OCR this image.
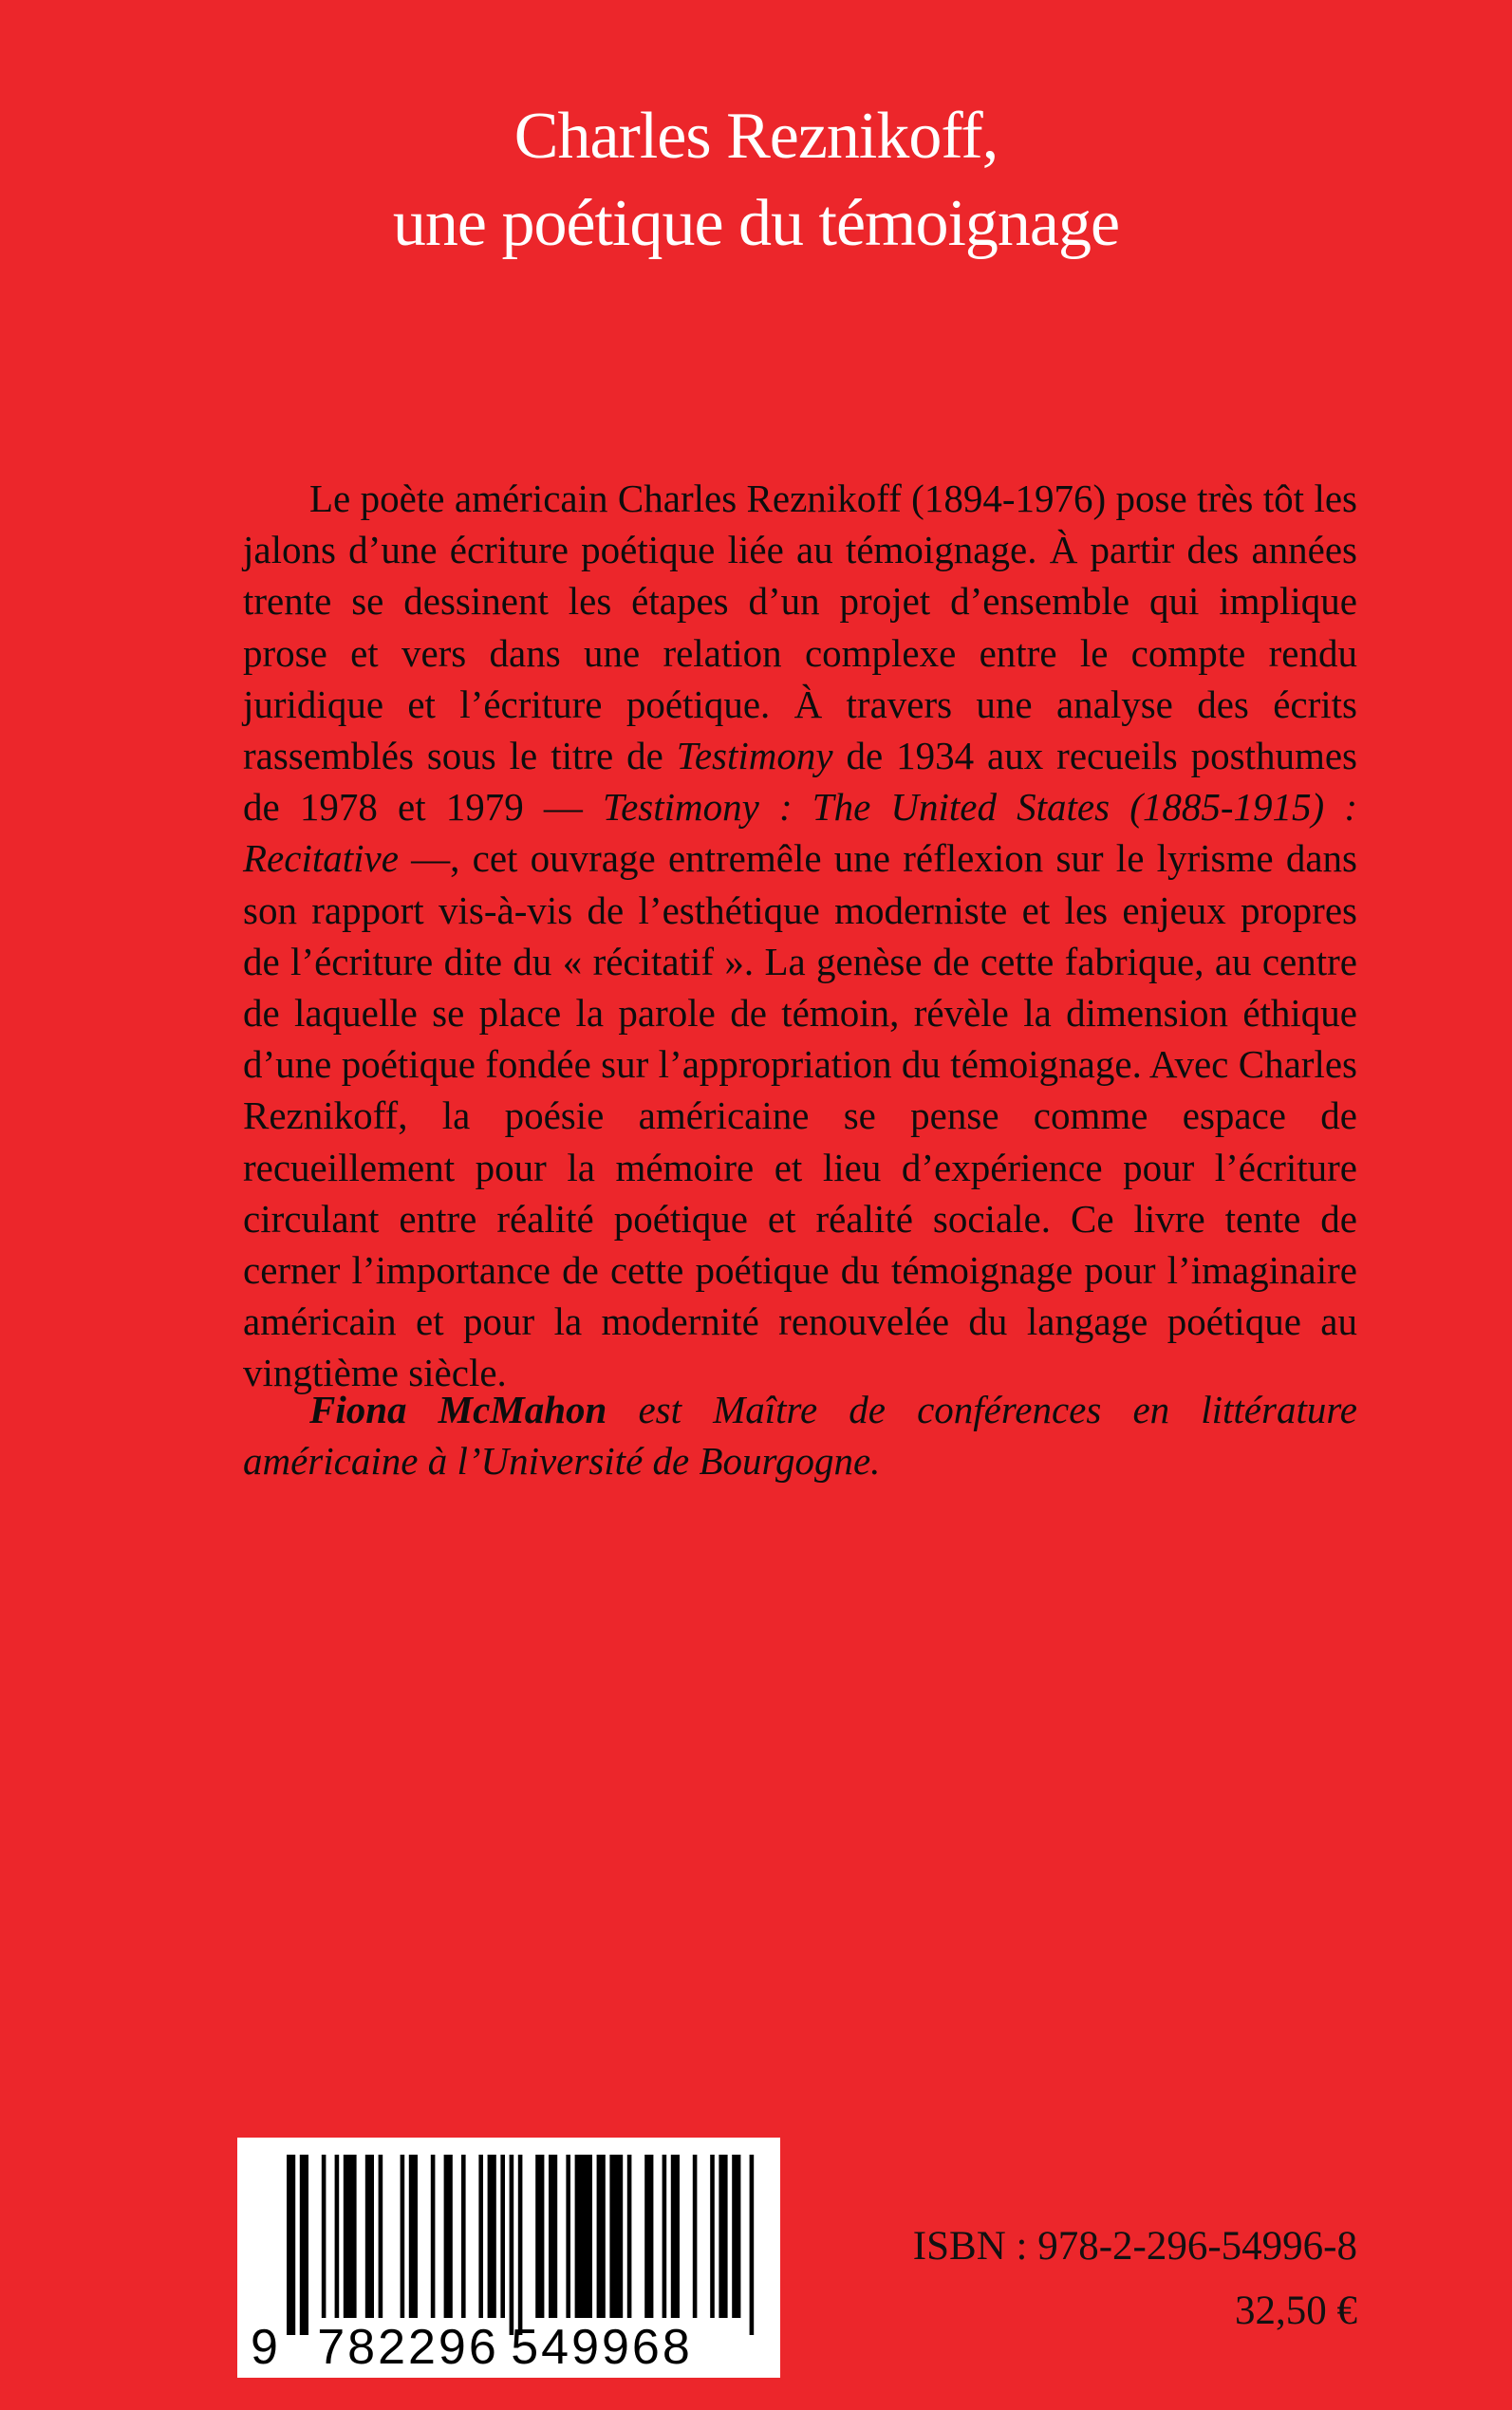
Charles Reznikoff,
une poétique du témoignage

Le poète américain Charles Reznikoff (1894-1976) pose très tôt les jalons d’une écriture poétique liée au témoignage. À partir des années trente se dessinent les étapes d’un projet d’ensemble qui implique prose et vers dans une relation complexe entre le compte rendu juridique et l’écriture poétique. À travers une analyse des écrits rassemblés sous le titre de Testimony de 1934 aux recueils posthumes de 1978 et 1979 — Testimony : The United States (1885-1915) : Recitative —, cet ouvrage entremêle une réflexion sur le lyrisme dans son rapport vis-à-vis de l’esthétique moderniste et les enjeux propres de l’écriture dite du « récitatif ». La genèse de cette fabrique, au centre de laquelle se place la parole de témoin, révèle la dimension éthique d’une poétique fondée sur l’appropriation du témoignage. Avec Charles Reznikoff, la poésie américaine se pense comme espace de recueillement pour la mémoire et lieu d’expérience pour l’écriture circulant entre réalité poétique et réalité sociale. Ce livre tente de cerner l’importance de cette poétique du témoignage pour l’imaginaire américain et pour la modernité renouvelée du langage poétique au vingtième siècle.

Fiona McMahon est Maître de conférences en littérature américaine à l’Université de Bourgogne.

9 782296 549968
ISBN : 978-2-296-54996-8
32,50 €
